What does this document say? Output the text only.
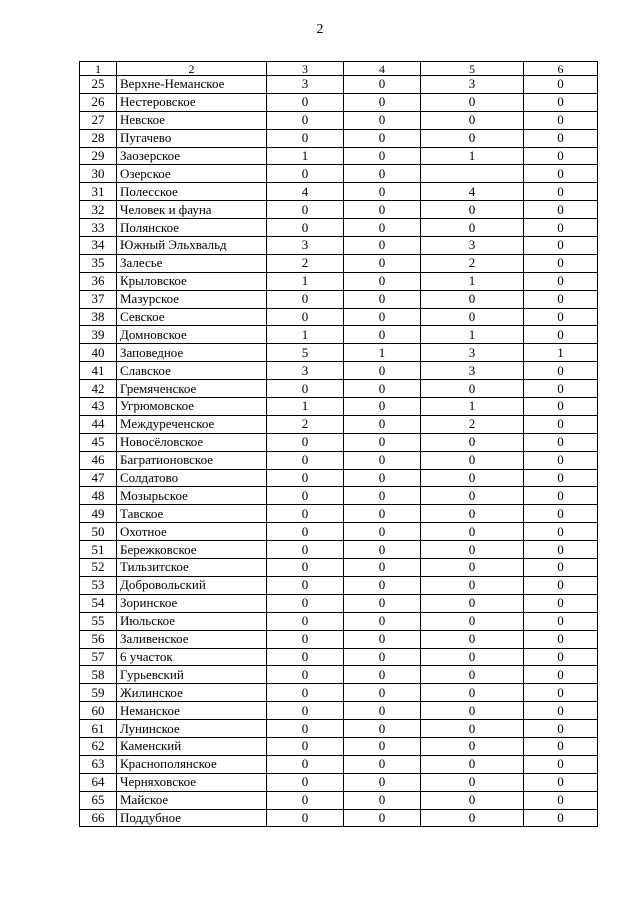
2
1	2	3	4	5	6
25	Верхне-Неманское	3	0	3	0
26	Нестеровское	0	0	0	0
27	Невское	0	0	0	0
28	Пугачево	0	0	0	0
29	Заозерское	1	0	1	0
30	Озерское	0	0		0
31	Полесское	4	0	4	0
32	Человек и фауна	0	0	0	0
33	Полянское	0	0	0	0
34	Южный Эльхвальд	3	0	3	0
35	Залесье	2	0	2	0
36	Крыловское	1	0	1	0
37	Мазурское	0	0	0	0
38	Севское	0	0	0	0
39	Домновское	1	0	1	0
40	Заповедное	5	1	3	1
41	Славское	3	0	3	0
42	Гремяченское	0	0	0	0
43	Угрюмовское	1	0	1	0
44	Междуреченское	2	0	2	0
45	Новосёловское	0	0	0	0
46	Багратионовское	0	0	0	0
47	Солдатово	0	0	0	0
48	Мозырьское	0	0	0	0
49	Тавское	0	0	0	0
50	Охотное	0	0	0	0
51	Бережковское	0	0	0	0
52	Тильзитское	0	0	0	0
53	Добровольский	0	0	0	0
54	Зоринское	0	0	0	0
55	Июльское	0	0	0	0
56	Заливенское	0	0	0	0
57	6 участок	0	0	0	0
58	Гурьевский	0	0	0	0
59	Жилинское	0	0	0	0
60	Неманское	0	0	0	0
61	Лунинское	0	0	0	0
62	Каменский	0	0	0	0
63	Краснополянское	0	0	0	0
64	Черняховское	0	0	0	0
65	Майское	0	0	0	0
66	Поддубное	0	0	0	0
